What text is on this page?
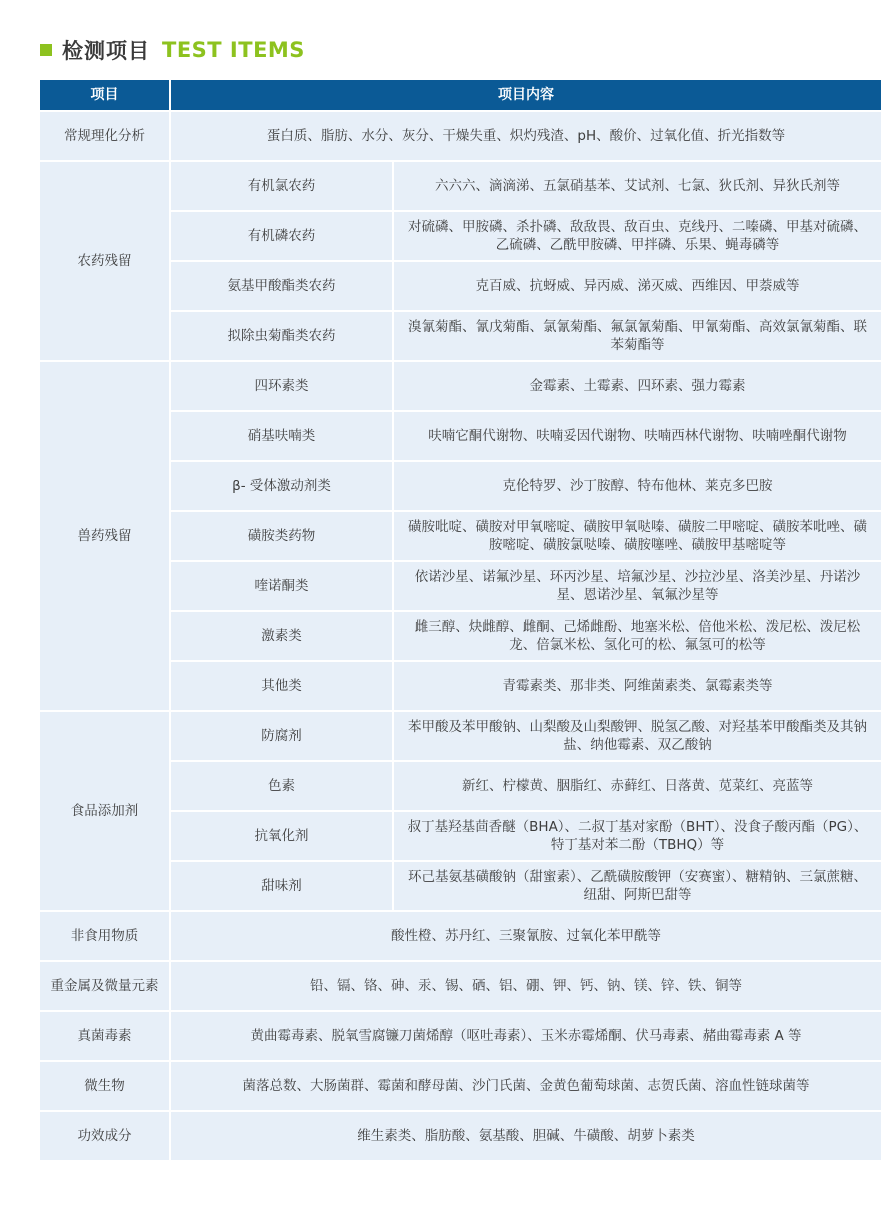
检测项目 TEST ITEMS
项目	项目内容	
常规理化分析	蛋白质、脂肪、水分、灰分、干燥失重、炽灼残渣、pH、酸价、过氧化值、折光指数等	
农药残留	有机氯农药	六六六、滴滴涕、五氯硝基苯、艾试剂、七氯、狄氏剂、异狄氏剂等
	有机磷农药	对硫磷、甲胺磷、杀扑磷、敌敌畏、敌百虫、克线丹、二嗪磷、甲基对硫磷、乙硫磷、乙酰甲胺磷、甲拌磷、乐果、蝇毒磷等
	氨基甲酸酯类农药	克百威、抗蚜威、异丙威、涕灭威、西维因、甲萘威等
	拟除虫菊酯类农药	溴氰菊酯、氰戊菊酯、氯氰菊酯、氟氯氰菊酯、甲氰菊酯、高效氯氰菊酯、联苯菊酯等
兽药残留	四环素类	金霉素、土霉素、四环素、强力霉素
	硝基呋喃类	呋喃它酮代谢物、呋喃妥因代谢物、呋喃西林代谢物、呋喃唑酮代谢物
	β- 受体激动剂类	克伦特罗、沙丁胺醇、特布他林、莱克多巴胺
	磺胺类药物	磺胺吡啶、磺胺对甲氧嘧啶、磺胺甲氧哒嗪、磺胺二甲嘧啶、磺胺苯吡唑、磺胺嘧啶、磺胺氯哒嗪、磺胺噻唑、磺胺甲基嘧啶等
	喹诺酮类	依诺沙星、诺氟沙星、环丙沙星、培氟沙星、沙拉沙星、洛美沙星、丹诺沙星、恩诺沙星、氧氟沙星等
	激素类	雌三醇、炔雌醇、雌酮、己烯雌酚、地塞米松、倍他米松、泼尼松、泼尼松龙、倍氯米松、氢化可的松、氟氢可的松等
	其他类	青霉素类、那非类、阿维菌素类、氯霉素类等
食品添加剂	防腐剂	苯甲酸及苯甲酸钠、山梨酸及山梨酸钾、脱氢乙酸、对羟基苯甲酸酯类及其钠盐、纳他霉素、双乙酸钠
	色素	新红、柠檬黄、胭脂红、赤藓红、日落黄、苋菜红、亮蓝等
	抗氧化剂	叔丁基羟基茴香醚（BHA）、二叔丁基对家酚（BHT）、没食子酸丙酯（PG）、特丁基对苯二酚（TBHQ）等
	甜味剂	环己基氨基磺酸钠（甜蜜素）、乙酰磺胺酸钾（安赛蜜）、糖精钠、三氯蔗糖、纽甜、阿斯巴甜等
非食用物质	酸性橙、苏丹红、三聚氰胺、过氧化苯甲酰等	
重金属及微量元素	铅、镉、铬、砷、汞、锡、硒、铝、硼、钾、钙、钠、镁、锌、铁、铜等	
真菌毒素	黄曲霉毒素、脱氧雪腐镰刀菌烯醇（呕吐毒素）、玉米赤霉烯酮、伏马毒素、赭曲霉毒素 A 等	
微生物	菌落总数、大肠菌群、霉菌和酵母菌、沙门氏菌、金黄色葡萄球菌、志贺氏菌、溶血性链球菌等	
功效成分	维生素类、脂肪酸、氨基酸、胆碱、牛磺酸、胡萝卜素类	
